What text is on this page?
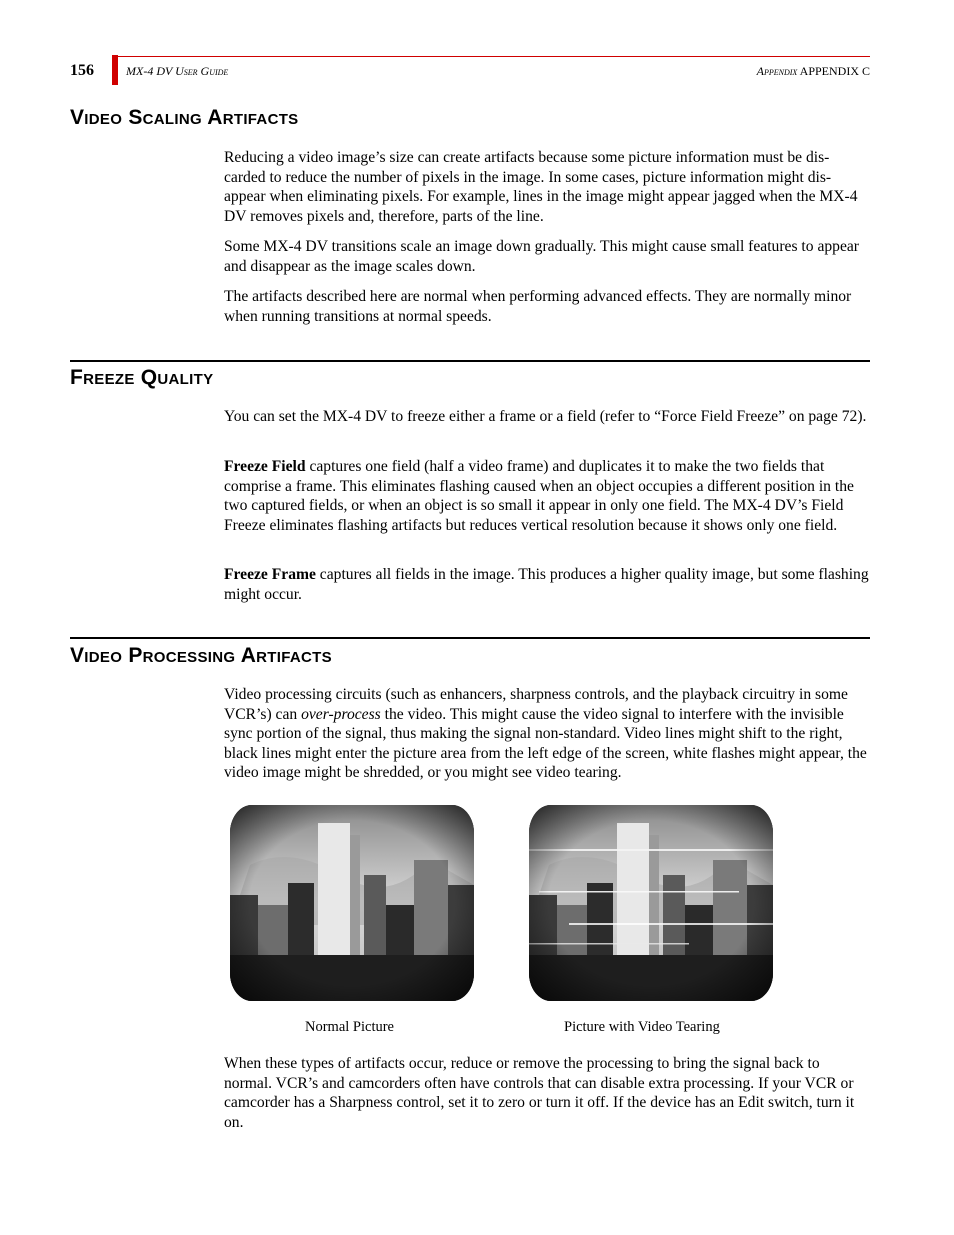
156	MX-4 DV User Guide	Appendix APPENDIX C
Video Scaling Artifacts

Reducing a video image’s size can create artifacts because some picture information must be dis-carded to reduce the number of pixels in the image. In some cases, picture information might dis-appear when eliminating pixels. For example, lines in the image might appear jagged when the MX-4 DV removes pixels and, therefore, parts of the line.

Some MX-4 DV transitions scale an image down gradually. This might cause small features to appear and disappear as the image scales down.

The artifacts described here are normal when performing advanced effects. They are normally minor when running transitions at normal speeds.

Freeze Quality

You can set the MX-4 DV to freeze either a frame or a field (refer to “Force Field Freeze” on page 72).

Freeze Field captures one field (half a video frame) and duplicates it to make the two fields that comprise a frame. This eliminates flashing caused when an object occupies a different position in the two captured fields, or when an object is so small it appear in only one field. The MX-4 DV’s Field Freeze eliminates flashing artifacts but reduces vertical resolution because it shows only one field.

Freeze Frame captures all fields in the image. This produces a higher quality image, but some flashing might occur.

Video Processing Artifacts

Video processing circuits (such as enhancers, sharpness controls, and the playback circuitry in some VCR’s) can over-process the video. This might cause the video signal to interfere with the invisible sync portion of the signal, thus making the signal non-standard. Video lines might shift to the right, black lines might enter the picture area from the left edge of the screen, white flashes might appear, the video image might be shredded, or you might see video tearing.

Normal Picture	Picture with Video Tearing

When these types of artifacts occur, reduce or remove the processing to bring the signal back to normal. VCR’s and camcorders often have controls that can disable extra processing. If your VCR or camcorder has a Sharpness control, set it to zero or turn it off. If the device has an Edit switch, turn it on.
